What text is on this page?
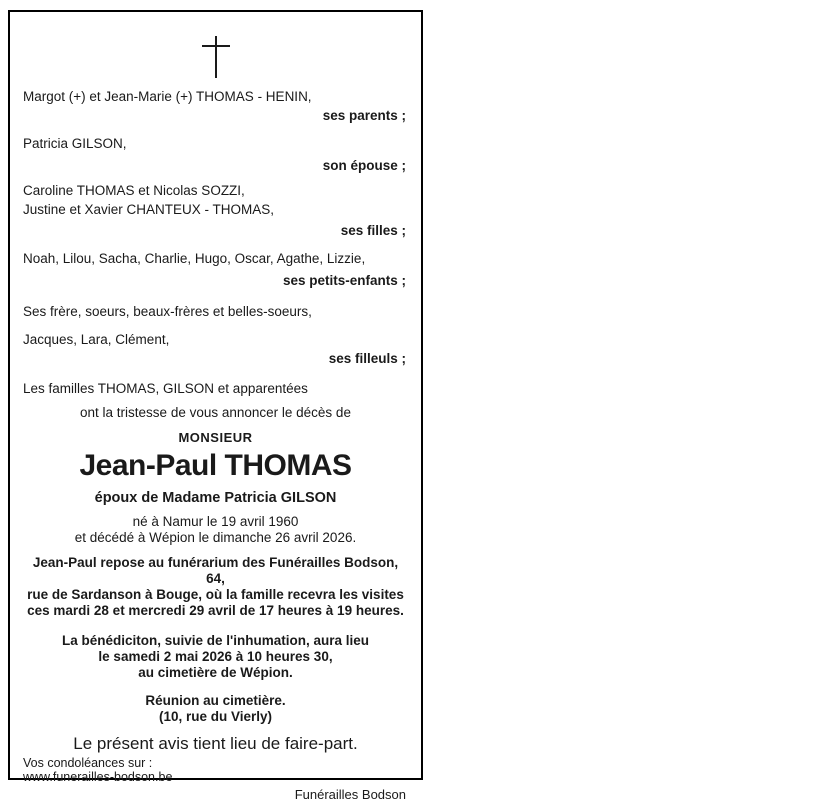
Margot (+) et Jean-Marie (+) THOMAS - HENIN,
ses parents ;
Patricia GILSON,
son épouse ;
Caroline THOMAS et Nicolas SOZZI,
Justine et Xavier CHANTEUX - THOMAS,
ses filles ;
Noah, Lilou, Sacha, Charlie, Hugo, Oscar, Agathe, Lizzie,
ses petits-enfants ;
Ses frère, soeurs, beaux-frères et belles-soeurs,
Jacques, Lara, Clément,
ses filleuls ;
Les familles THOMAS, GILSON et apparentées
ont la tristesse de vous annoncer le décès de
MONSIEUR
Jean-Paul THOMAS
époux de Madame Patricia GILSON
né à Namur le 19 avril 1960
et décédé à Wépion le dimanche 26 avril 2026.
Jean-Paul repose au funérarium des Funérailles Bodson, 64,
rue de Sardanson à Bouge, où la famille recevra les visites
ces mardi 28 et mercredi 29 avril de 17 heures à 19 heures.
La bénédiciton, suivie de l'inhumation, aura lieu
le samedi 2 mai 2026 à 10 heures 30,
au cimetière de Wépion.
Réunion au cimetière.
(10, rue du Vierly)
Le présent avis tient lieu de faire-part.
Vos condoléances sur :
www.funerailles-bodson.be
Funérailles Bodson
